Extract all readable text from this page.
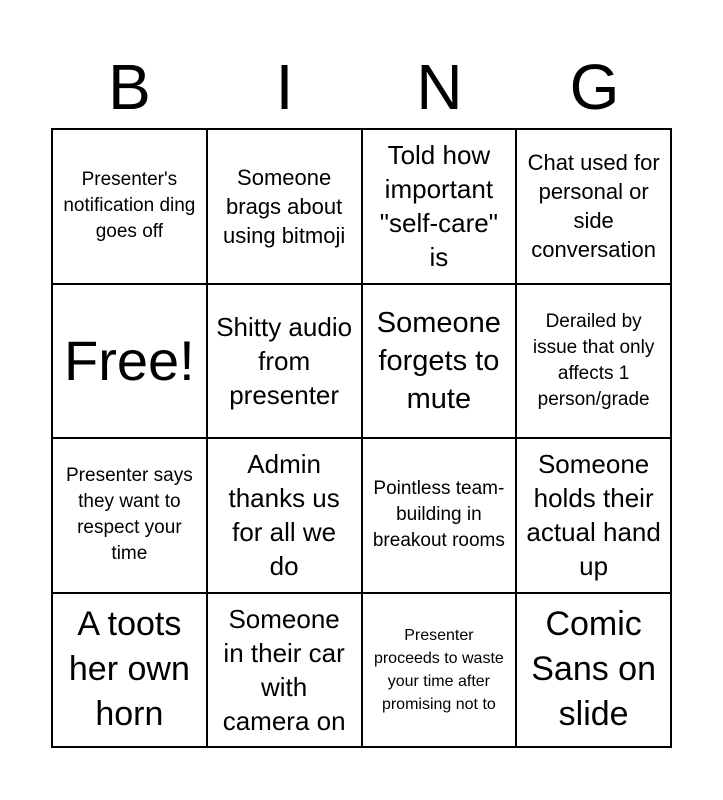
B	I	N	G
Presenter's notification ding goes off
Someone brags about using bitmoji
Told how important "self-care" is
Chat used for personal or side conversation
Free!
Shitty audio from presenter
Someone forgets to mute
Derailed by issue that only affects 1 person/grade
Presenter says they want to respect your time
Admin thanks us for all we do
Pointless team-building in breakout rooms
Someone holds their actual hand up
A toots her own horn
Someone in their car with camera on
Presenter proceeds to waste your time after promising not to
Comic Sans on slide
